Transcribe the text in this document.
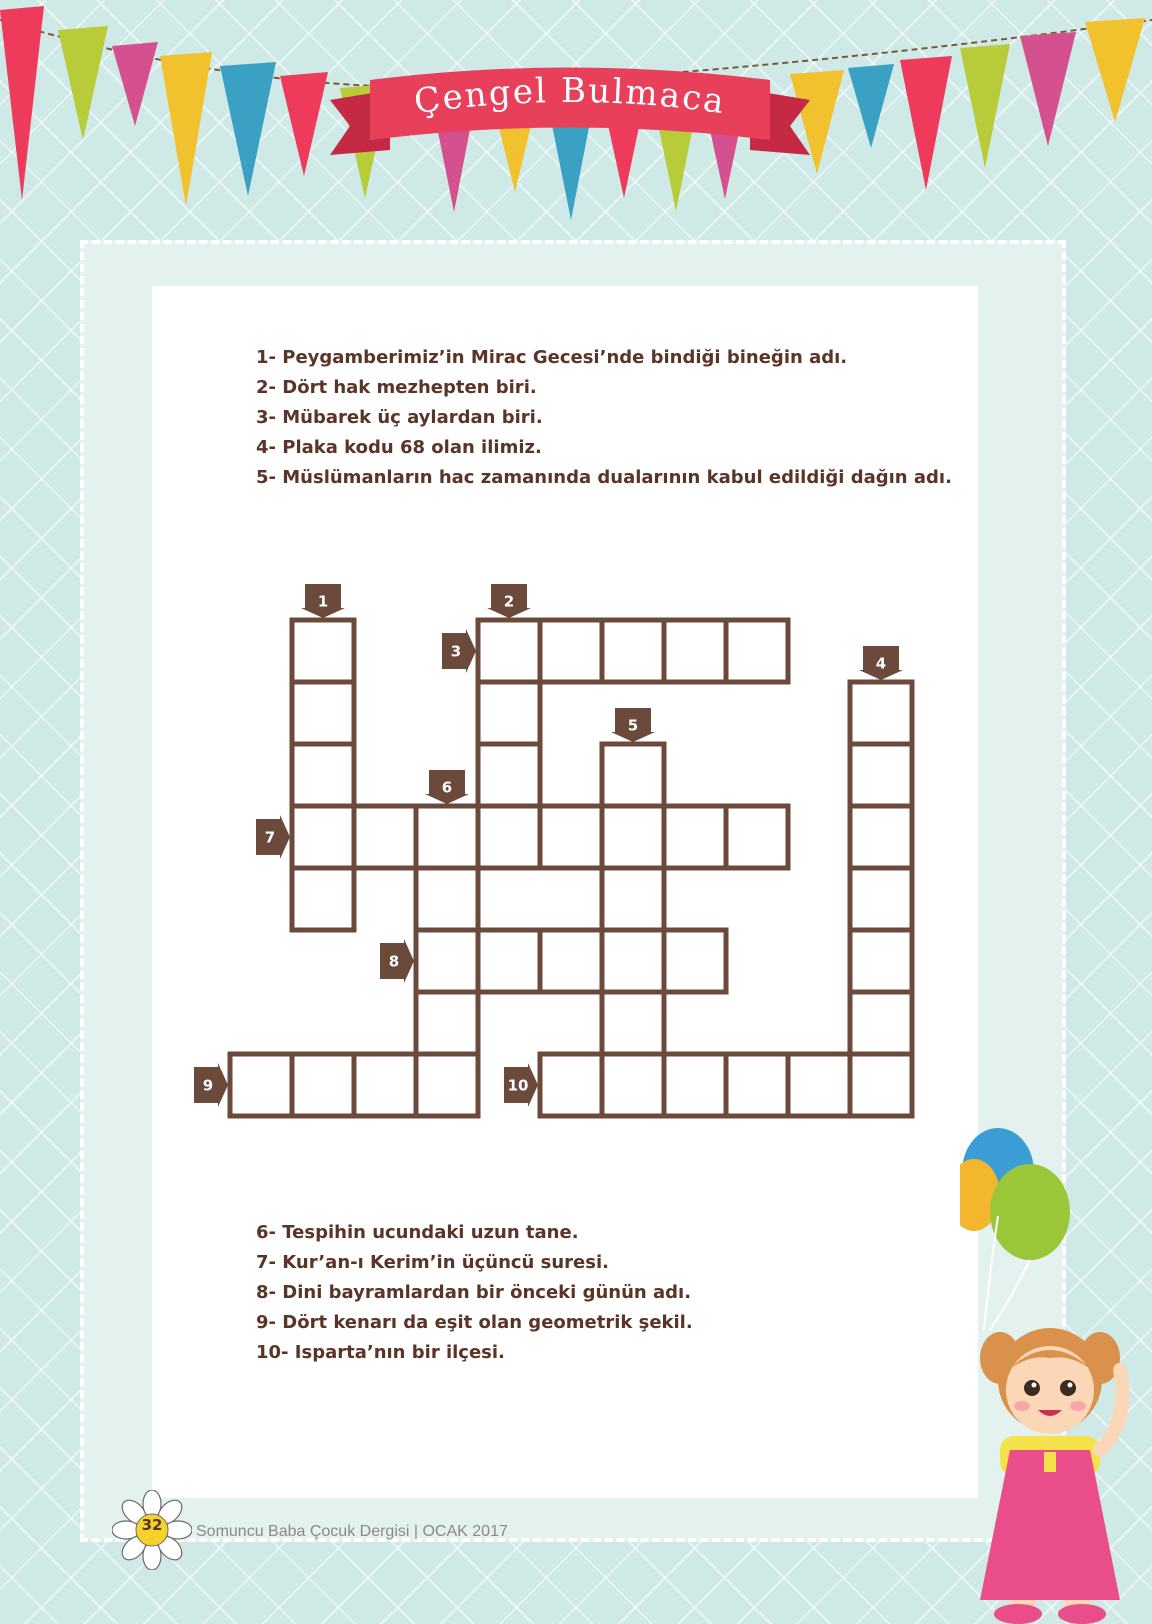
Çengel Bulmaca
1- Peygamberimiz’in Mirac Gecesi’nde bindiği bineğin adı.
2- Dört hak mezhepten biri.
3- Mübarek üç aylardan biri.
4- Plaka kodu 68 olan ilimiz.
5- Müslümanların hac zamanında dualarının kabul edildiği dağın adı.
1	2
3
4
5
6
7
8
9	10
6- Tespihin ucundaki uzun tane.
7- Kur’an-ı Kerim’in üçüncü suresi.
8- Dini bayramlardan bir önceki günün adı.
9- Dört kenarı da eşit olan geometrik şekil.
10- Isparta’nın bir ilçesi.
32	Somuncu Baba Çocuk Dergisi | OCAK 2017
